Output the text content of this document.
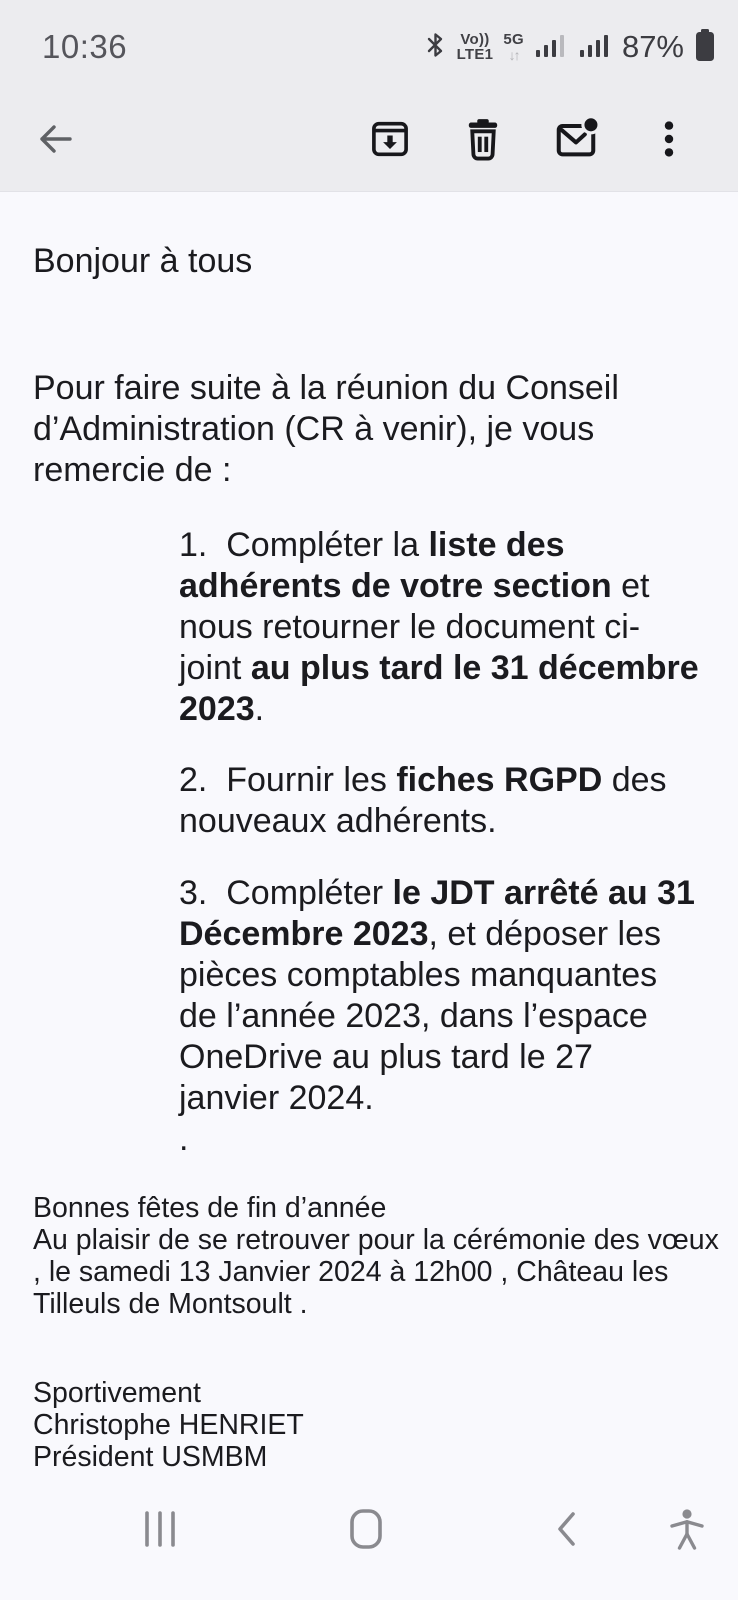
10:36	Vo))
LTE1
5G
↓↑	87%
Bonjour à tous
Pour faire suite à la réunion du Conseil
d’Administration (CR à venir), je vous
remercie de :
1.  Compléter la liste des
adhérents de votre section et
nous retourner le document ci-
joint au plus tard le 31 décembre
2023.
2.  Fournir les fiches RGPD des
nouveaux adhérents.
3.  Compléter le JDT arrêté au 31
Décembre 2023, et déposer les
pièces comptables manquantes
de l’année 2023, dans l’espace
OneDrive au plus tard le 27
janvier 2024.
.
Bonnes fêtes de fin d’année
Au plaisir de se retrouver pour la cérémonie des vœux
, le samedi 13 Janvier 2024 à 12h00 , Château les
Tilleuls de Montsoult .
Sportivement
Christophe HENRIET
Président USMBM
